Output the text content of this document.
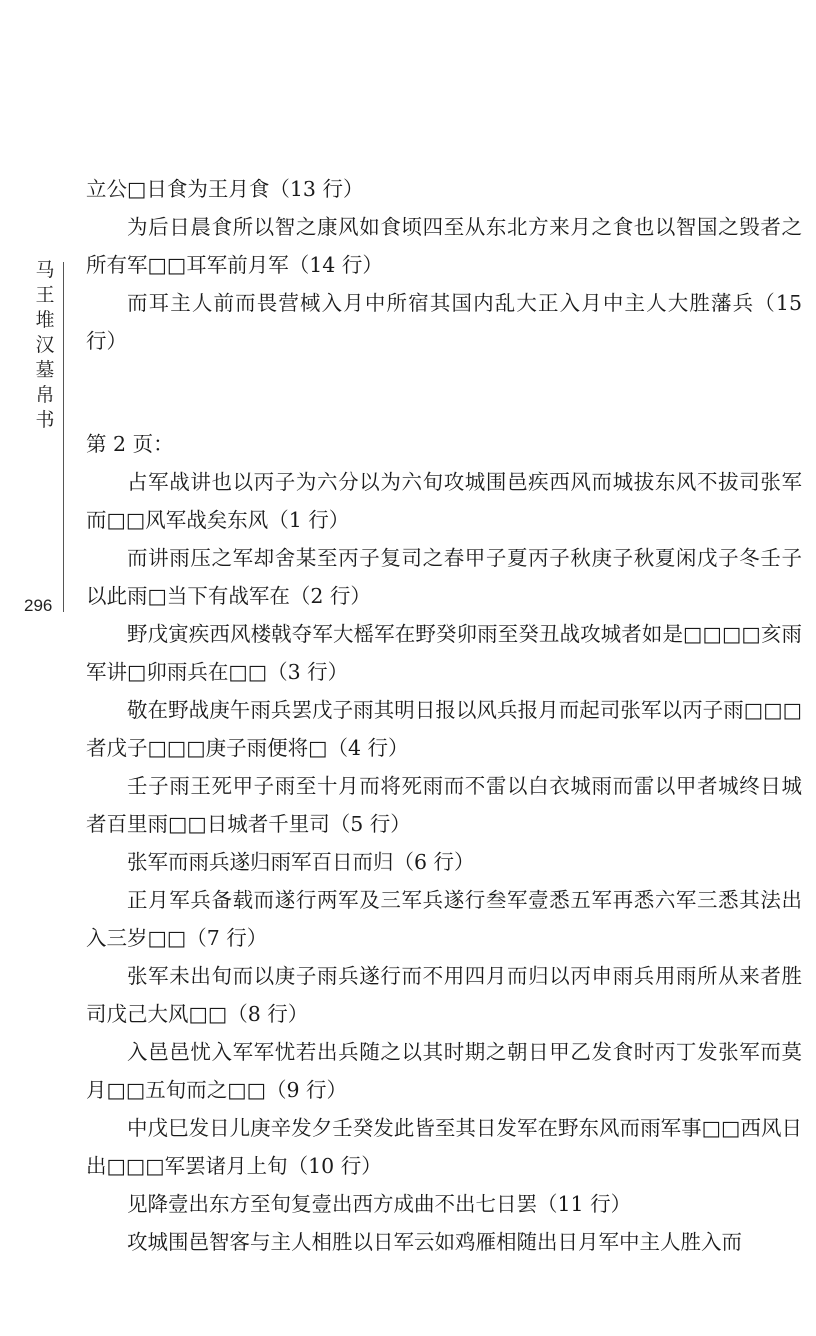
马王堆汉墓帛书
296

立公□日食为王月食（13 行）

为后日晨食所以智之康风如食顷四至从东北方来月之食也以智国之毁者之所有军□□耳军前月军（14 行）

而耳主人前而畏营棫入月中所宿其国内乱大正入月中主人大胜藩兵（15 行）

第 2 页：

占军战讲也以丙子为六分以为六旬攻城围邑疾西风而城拔东风不拔司张军而□□风军战矣东风（1 行）

而讲雨压之军却舍某至丙子复司之春甲子夏丙子秋庚子秋夏闲戊子冬壬子以此雨□当下有战军在（2 行）

野戊寅疾西风楼戟夺军大榣军在野癸卯雨至癸丑战攻城者如是□□□□亥雨军讲□卯雨兵在□□（3 行）

敬在野战庚午雨兵罢戊子雨其明日报以风兵报月而起司张军以丙子雨□□□者戊子□□□庚子雨便将□（4 行）

壬子雨王死甲子雨至十月而将死雨而不雷以白衣城雨而雷以甲者城终日城者百里雨□□日城者千里司（5 行）

张军而雨兵遂归雨军百日而归（6 行）

正月军兵备载而遂行两军及三军兵遂行叁军壹悉五军再悉六军三悉其法出入三岁□□（7 行）

张军未出旬而以庚子雨兵遂行而不用四月而归以丙申雨兵用雨所从来者胜司戊己大风□□（8 行）

入邑邑忧入军军忧若出兵随之以其时期之朝日甲乙发食时丙丁发张军而莫月□□五旬而之□□（9 行）

中戊巳发日儿庚辛发夕壬癸发此皆至其日发军在野东风而雨军事□□西风日出□□□军罢诸月上旬（10 行）

见降壹出东方至旬复壹出西方成曲不出七日罢（11 行）

攻城围邑智客与主人相胜以日军云如鸡雁相随出日月军中主人胜入而
